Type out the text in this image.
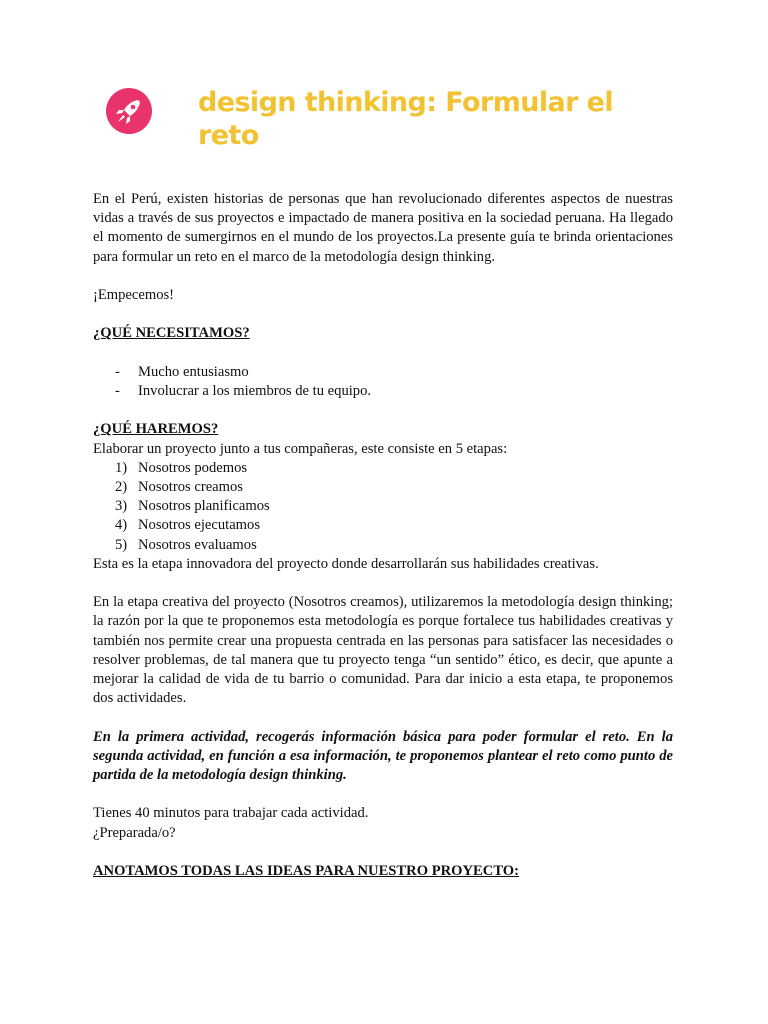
design thinking: Formular el reto

En el Perú, existen historias de personas que han revolucionado diferentes aspectos de nuestras vidas a través de sus proyectos e impactado de manera positiva en la sociedad peruana. Ha llegado el momento de sumergirnos en el mundo de los proyectos.La presente guía te brinda orientaciones para formular un reto en el marco de la metodología design thinking.

¡Empecemos!

¿QUÉ NECESITAMOS?

- Mucho entusiasmo
- Involucrar a los miembros de tu equipo.

¿QUÉ HAREMOS?

Elaborar un proyecto junto a tus compañeras, este consiste en 5 etapas:

1) Nosotros podemos
2) Nosotros creamos
3) Nosotros planificamos
4) Nosotros ejecutamos
5) Nosotros evaluamos

Esta es la etapa innovadora del proyecto donde desarrollarán sus habilidades creativas.

En la etapa creativa del proyecto (Nosotros creamos), utilizaremos la metodología design thinking; la razón por la que te proponemos esta metodología es porque fortalece tus habilidades creativas y también nos permite crear una propuesta centrada en las personas para satisfacer las necesidades o resolver problemas, de tal manera que tu proyecto tenga “un sentido” ético, es decir, que apunte a mejorar la calidad de vida de tu barrio o comunidad. Para dar inicio a esta etapa, te proponemos dos actividades.

En la primera actividad, recogerás información básica para poder formular el reto. En la segunda actividad, en función a esa información, te proponemos plantear el reto como punto de partida de la metodología design thinking.

Tienes 40 minutos para trabajar cada actividad.

¿Preparada/o?

ANOTAMOS TODAS LAS IDEAS PARA NUESTRO PROYECTO:
